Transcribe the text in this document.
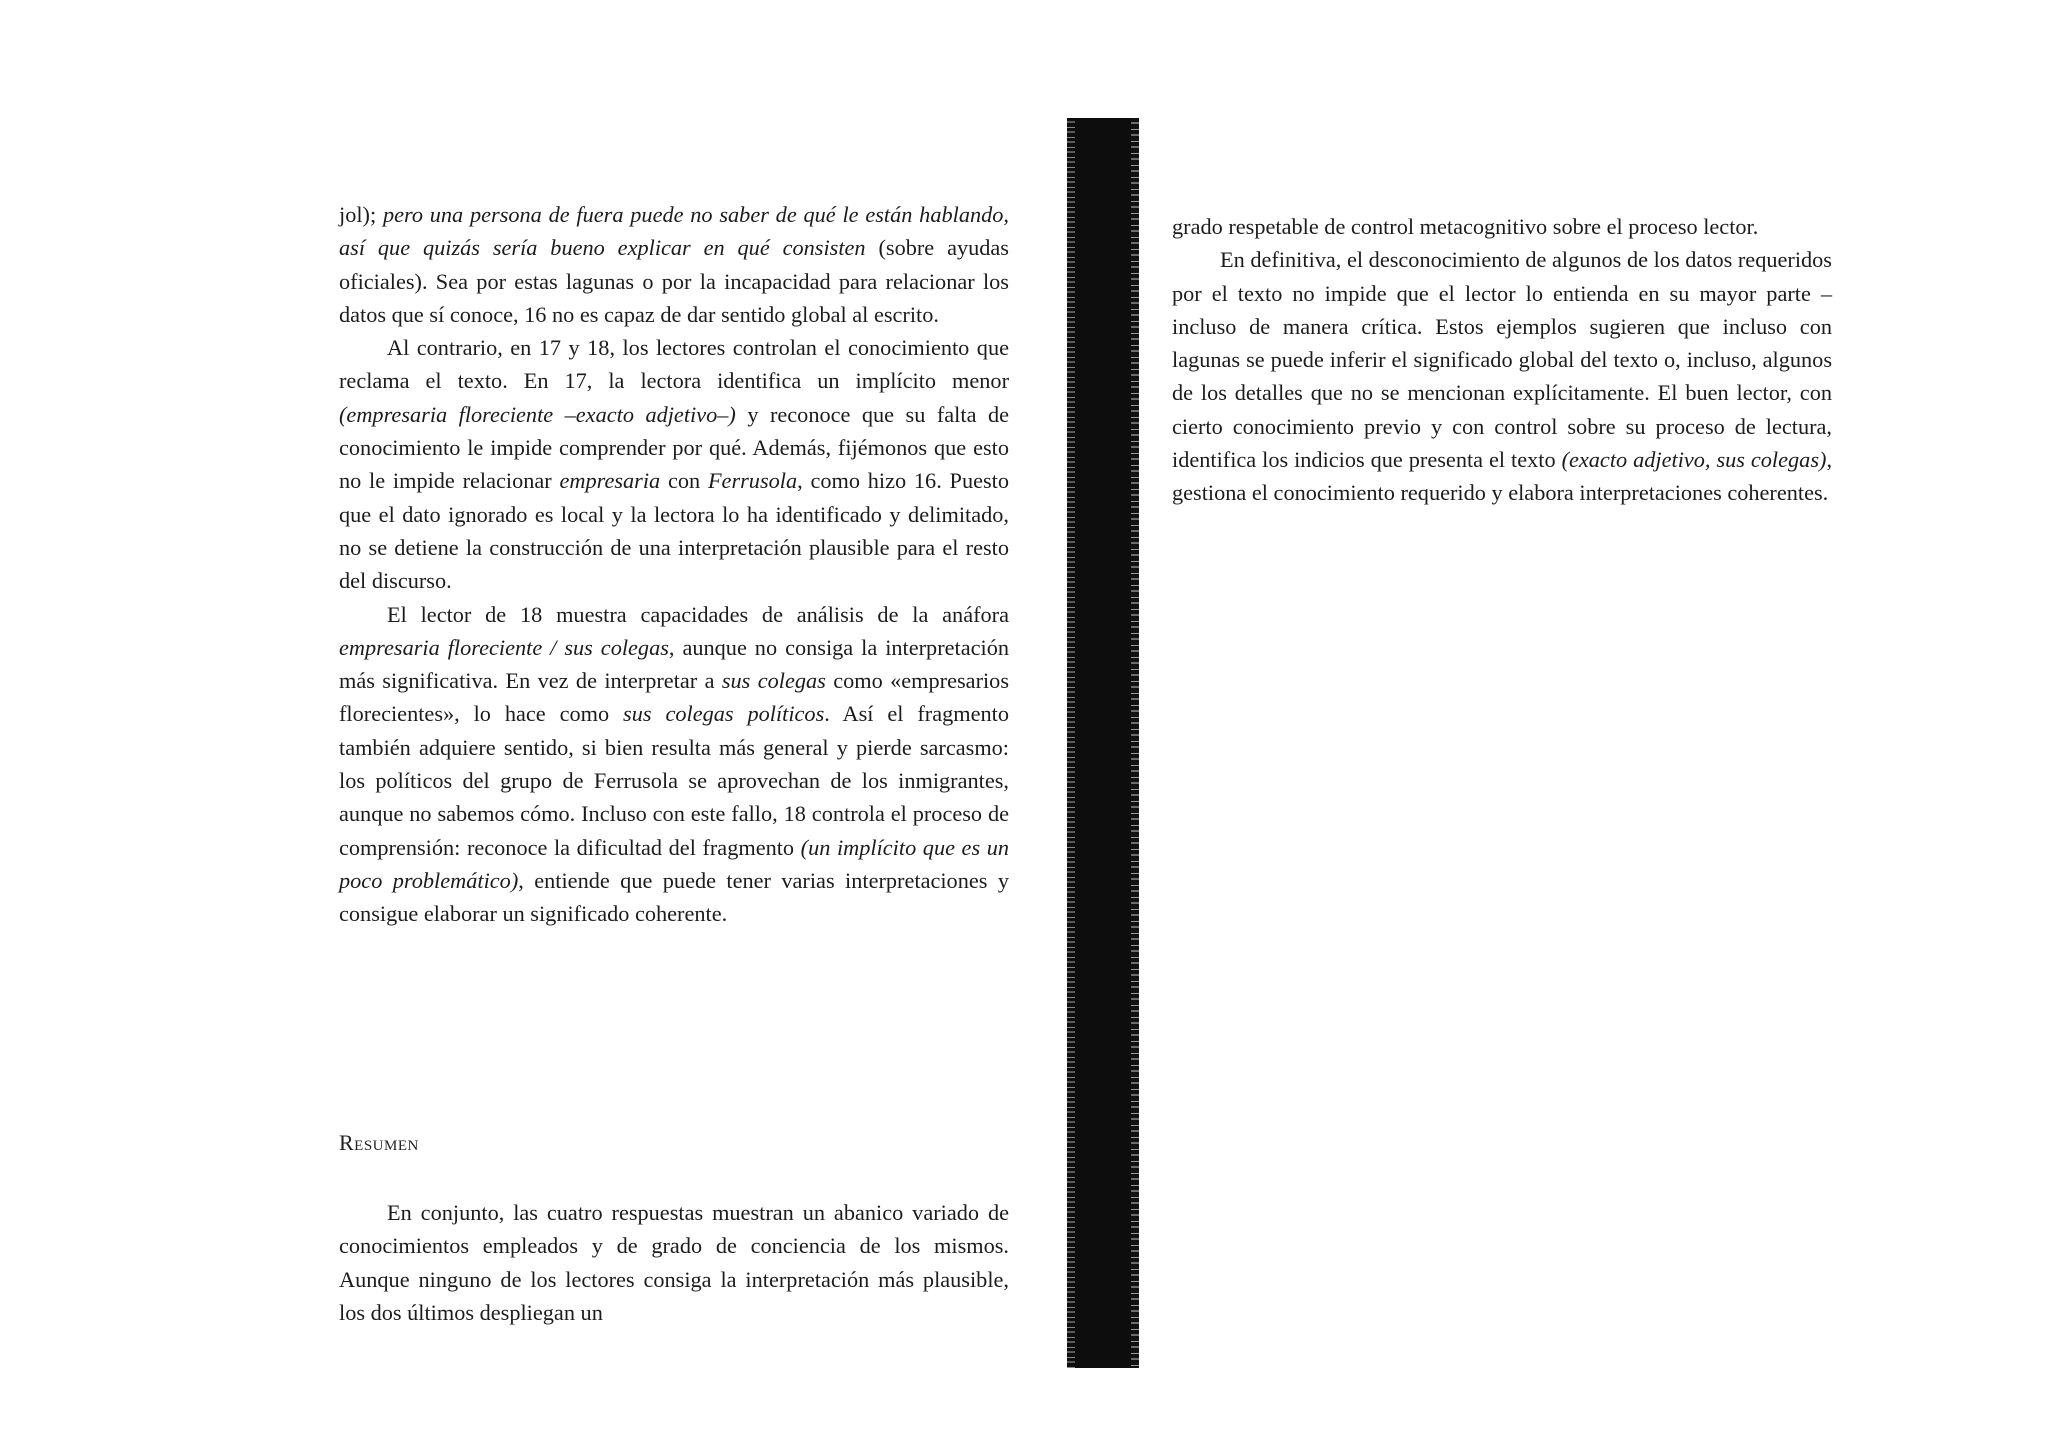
jol); pero una persona de fuera puede no saber de qué le están hablando, así que quizás sería bueno explicar en qué consisten (sobre ayudas oficiales). Sea por estas lagunas o por la incapacidad para relacionar los datos que sí conoce, 16 no es capaz de dar sentido global al escrito.

Al contrario, en 17 y 18, los lectores controlan el conocimiento que reclama el texto. En 17, la lectora identifica un implícito menor (empresaria floreciente –exacto adjetivo–) y reconoce que su falta de conocimiento le impide comprender por qué. Además, fijémonos que esto no le impide relacionar empresaria con Ferrusola, como hizo 16. Puesto que el dato ignorado es local y la lectora lo ha identificado y delimitado, no se detiene la construcción de una interpretación plausible para el resto del discurso.

El lector de 18 muestra capacidades de análisis de la anáfora empresaria floreciente / sus colegas, aunque no consiga la interpretación más significativa. En vez de interpretar a sus colegas como «empresarios florecientes», lo hace como sus colegas políticos. Así el fragmento también adquiere sentido, si bien resulta más general y pierde sarcasmo: los políticos del grupo de Ferrusola se aprovechan de los inmigrantes, aunque no sabemos cómo. Incluso con este fallo, 18 controla el proceso de comprensión: reconoce la dificultad del fragmento (un implícito que es un poco problemático), entiende que puede tener varias interpretaciones y consigue elaborar un significado coherente.

Resumen

En conjunto, las cuatro respuestas muestran un abanico variado de conocimientos empleados y de grado de conciencia de los mismos. Aunque ninguno de los lectores consiga la interpretación más plausible, los dos últimos despliegan un

grado respetable de control metacognitivo sobre el proceso lector.

En definitiva, el desconocimiento de algunos de los datos requeridos por el texto no impide que el lector lo entienda en su mayor parte –incluso de manera crítica. Estos ejemplos sugieren que incluso con lagunas se puede inferir el significado global del texto o, incluso, algunos de los detalles que no se mencionan explícitamente. El buen lector, con cierto conocimiento previo y con control sobre su proceso de lectura, identifica los indicios que presenta el texto (exacto adjetivo, sus colegas), gestiona el conocimiento requerido y elabora interpretaciones coherentes.
